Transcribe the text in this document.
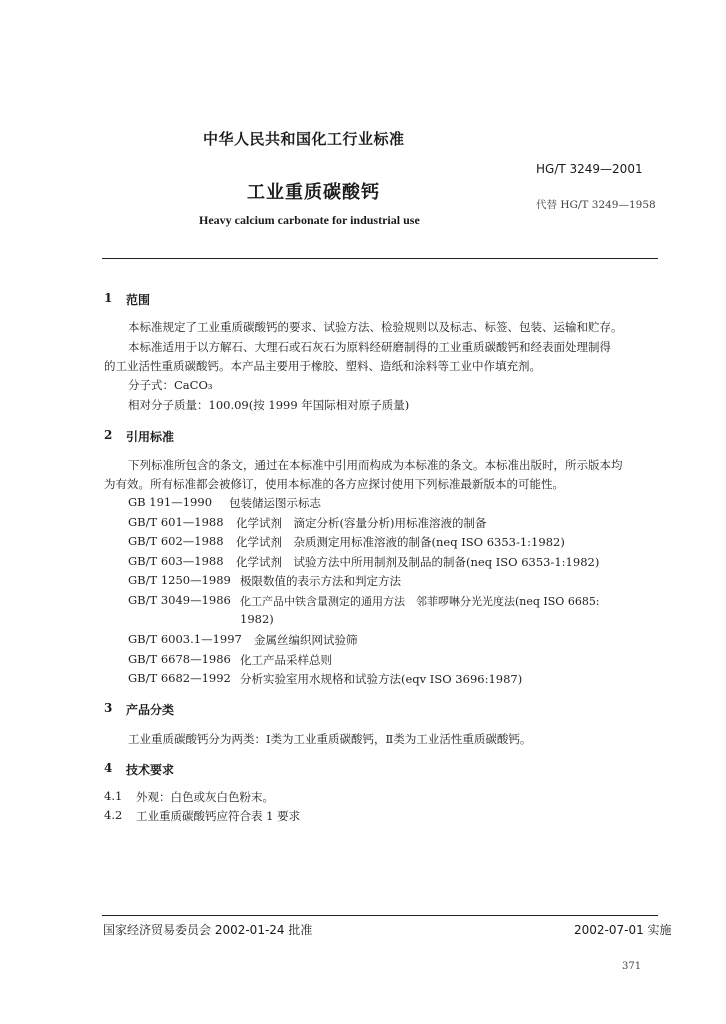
中华人民共和国化工行业标准
HG/T 3249—2001
工业重质碳酸钙
代替 HG/T 3249—1958
Heavy calcium carbonate for industrial use
1 范围
本标准规定了工业重质碳酸钙的要求、试验方法、检验规则以及标志、标签、包装、运输和贮存。
本标准适用于以方解石、大理石或石灰石为原料经研磨制得的工业重质碳酸钙和经表面处理制得
的工业活性重质碳酸钙。本产品主要用于橡胶、塑料、造纸和涂料等工业中作填充剂。
分子式：CaCO₃
相对分子质量：100.09(按 1999 年国际相对原子质量)
2 引用标准
下列标准所包含的条文，通过在本标准中引用而构成为本标准的条文。本标准出版时，所示版本均
为有效。所有标准都会被修订，使用本标准的各方应探讨使用下列标准最新版本的可能性。
GB 191—1990 包装储运图示标志
GB/T 601—1988 化学试剂　滴定分析(容量分析)用标准溶液的制备
GB/T 602—1988 化学试剂　杂质测定用标准溶液的制备(neq ISO 6353-1:1982)
GB/T 603—1988 化学试剂　试验方法中所用制剂及制品的制备(neq ISO 6353-1:1982)
GB/T 1250—1989 极限数值的表示方法和判定方法
GB/T 3049—1986 化工产品中铁含量测定的通用方法　邻菲啰啉分光光度法(neq ISO 6685:
1982)
GB/T 6003.1—1997 金属丝编织网试验筛
GB/T 6678—1986 化工产品采样总则
GB/T 6682—1992 分析实验室用水规格和试验方法(eqv ISO 3696:1987)
3 产品分类
工业重质碳酸钙分为两类：Ⅰ类为工业重质碳酸钙，Ⅱ类为工业活性重质碳酸钙。
4 技术要求
4.1 外观：白色或灰白色粉末。
4.2 工业重质碳酸钙应符合表 1 要求
国家经济贸易委员会 2002-01-24 批准	2002-07-01 实施
371
